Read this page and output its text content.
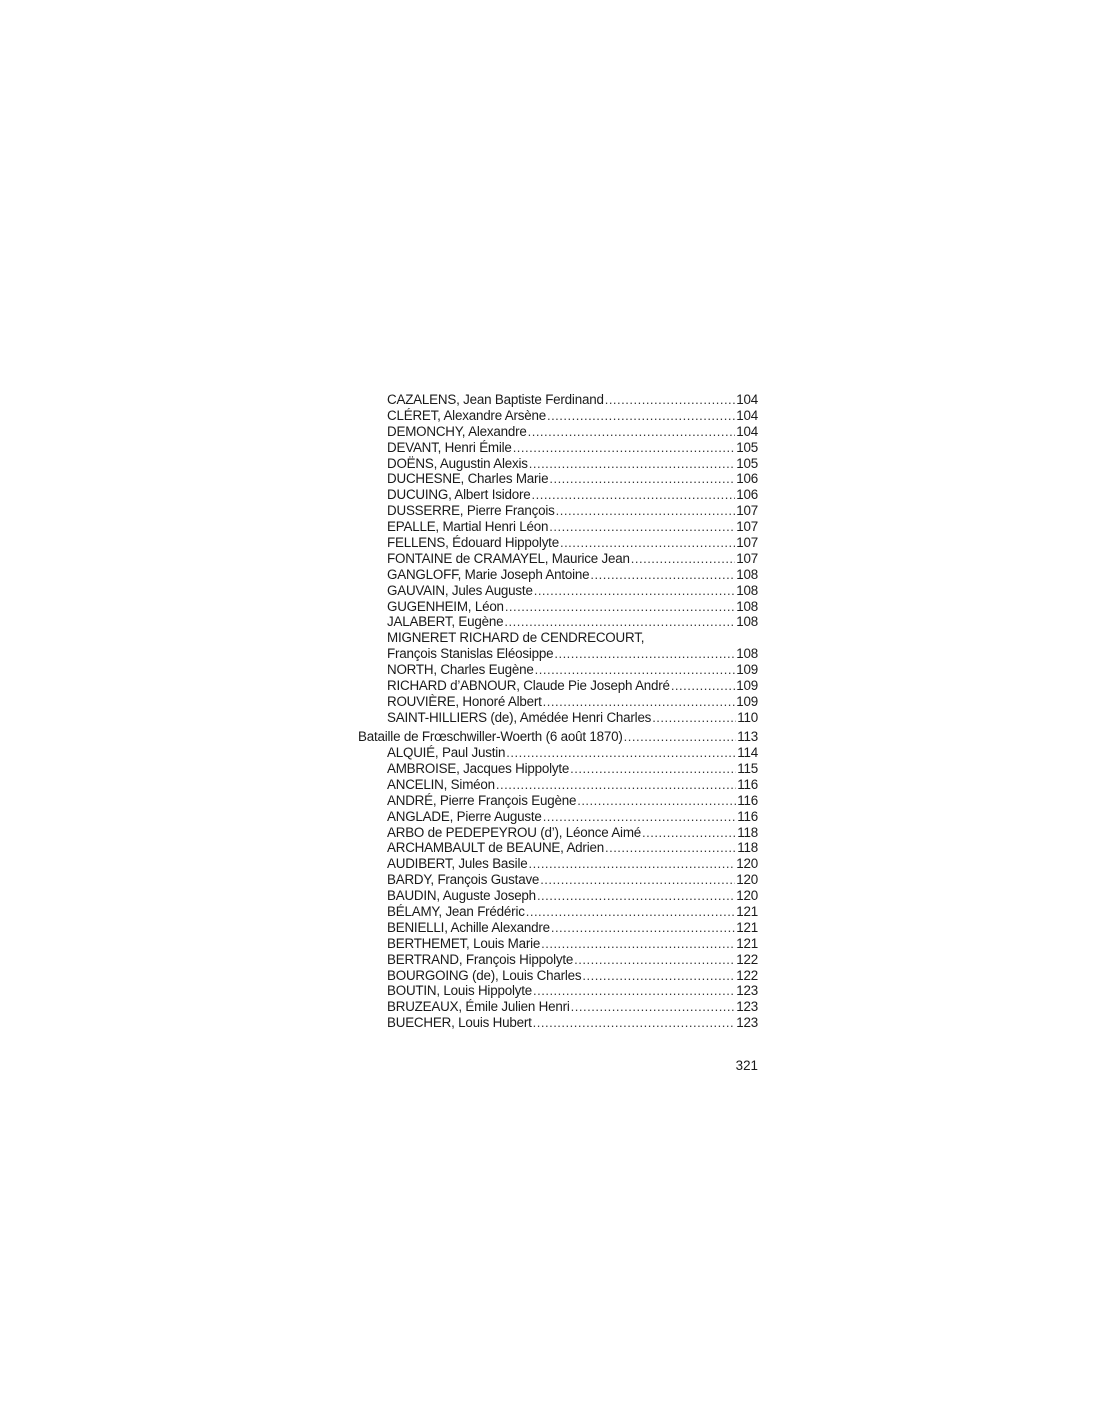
CAZALENS, Jean Baptiste Ferdinand .....	104
CLÉRET, Alexandre Arsène .....	104
DEMONCHY, Alexandre .....	104
DEVANT, Henri Émile .....	105
DOËNS, Augustin Alexis .....	105
DUCHESNE, Charles Marie .....	106
DUCUING, Albert Isidore .....	106
DUSSERRE, Pierre François .....	107
EPALLE, Martial Henri Léon .....	107
FELLENS, Édouard Hippolyte .....	107
FONTAINE de CRAMAYEL, Maurice Jean .....	107
GANGLOFF, Marie Joseph Antoine .....	108
GAUVAIN, Jules Auguste .....	108
GUGENHEIM, Léon .....	108
JALABERT, Eugène .....	108
MIGNERET RICHARD de CENDRECOURT,
François Stanislas Eléosippe .....	108
NORTH, Charles Eugène .....	109
RICHARD d’ABNOUR, Claude Pie Joseph André .....	109
ROUVIÈRE, Honoré Albert .....	109
SAINT-HILLIERS (de), Amédée Henri Charles .....	110
Bataille de Frœschwiller-Woerth (6 août 1870) .....	113
ALQUIÉ, Paul Justin .....	114
AMBROISE, Jacques Hippolyte .....	115
ANCELIN, Siméon .....	116
ANDRÉ, Pierre François Eugène .....	116
ANGLADE, Pierre Auguste .....	116
ARBO de PEDEPEYROU (d’), Léonce Aimé .....	118
ARCHAMBAULT de BEAUNE, Adrien .....	118
AUDIBERT, Jules Basile .....	120
BARDY, François Gustave .....	120
BAUDIN, Auguste Joseph .....	120
BÉLAMY, Jean Frédéric .....	121
BENIELLI, Achille Alexandre .....	121
BERTHEMET, Louis Marie .....	121
BERTRAND, François Hippolyte .....	122
BOURGOING (de), Louis Charles .....	122
BOUTIN, Louis Hippolyte .....	123
BRUZEAUX, Émile Julien Henri .....	123
BUECHER, Louis Hubert .....	123
321
